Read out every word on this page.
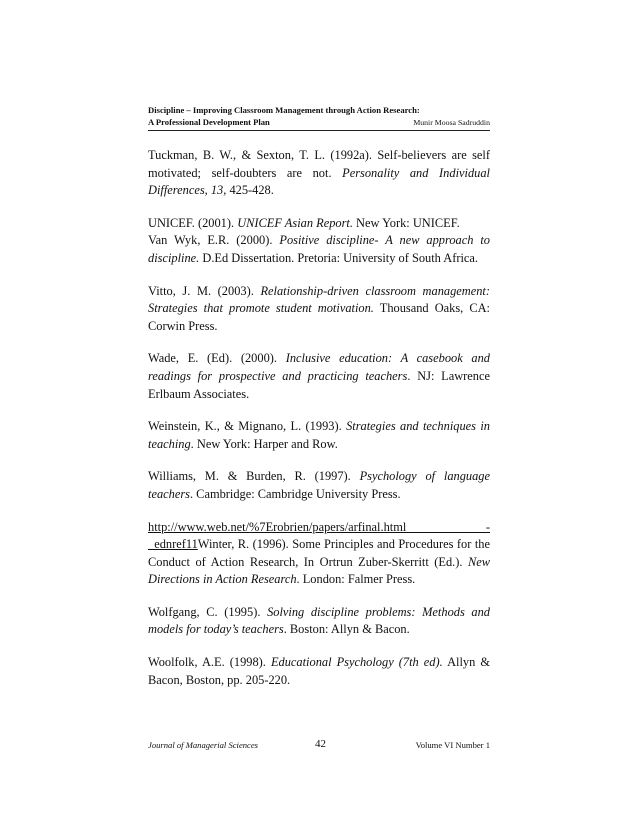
Discipline – Improving Classroom Management through Action Research:
A Professional Development Plan	Munir Moosa Sadruddin

Tuckman, B. W., & Sexton, T. L. (1992a). Self-believers are self motivated; self-doubters are not. Personality and Individual Differences, 13, 425-428.

UNICEF. (2001). UNICEF Asian Report. New York: UNICEF.

Van Wyk, E.R. (2000). Positive discipline- A new approach to discipline. D.Ed Dissertation. Pretoria: University of South Africa.

Vitto, J. M. (2003). Relationship-driven classroom management: Strategies that promote student motivation. Thousand Oaks, CA: Corwin Press.

Wade, E. (Ed). (2000). Inclusive education: A casebook and readings for prospective and practicing teachers. NJ: Lawrence Erlbaum Associates.

Weinstein, K., & Mignano, L. (1993). Strategies and techniques in teaching. New York: Harper and Row.

Williams, M. & Burden, R. (1997). Psychology of language teachers. Cambridge: Cambridge University Press.

http://www.web.net/%7Erobrien/papers/arfinal.html - _ednref11Winter, R. (1996). Some Principles and Procedures for the Conduct of Action Research, In Ortrun Zuber-Skerritt (Ed.). New Directions in Action Research. London: Falmer Press.

Wolfgang, C. (1995). Solving discipline problems: Methods and models for today’s teachers. Boston: Allyn & Bacon.

Woolfolk, A.E. (1998). Educational Psychology (7th ed). Allyn & Bacon, Boston, pp. 205-220.

Journal of Managerial Sciences	42	Volume VI Number 1
